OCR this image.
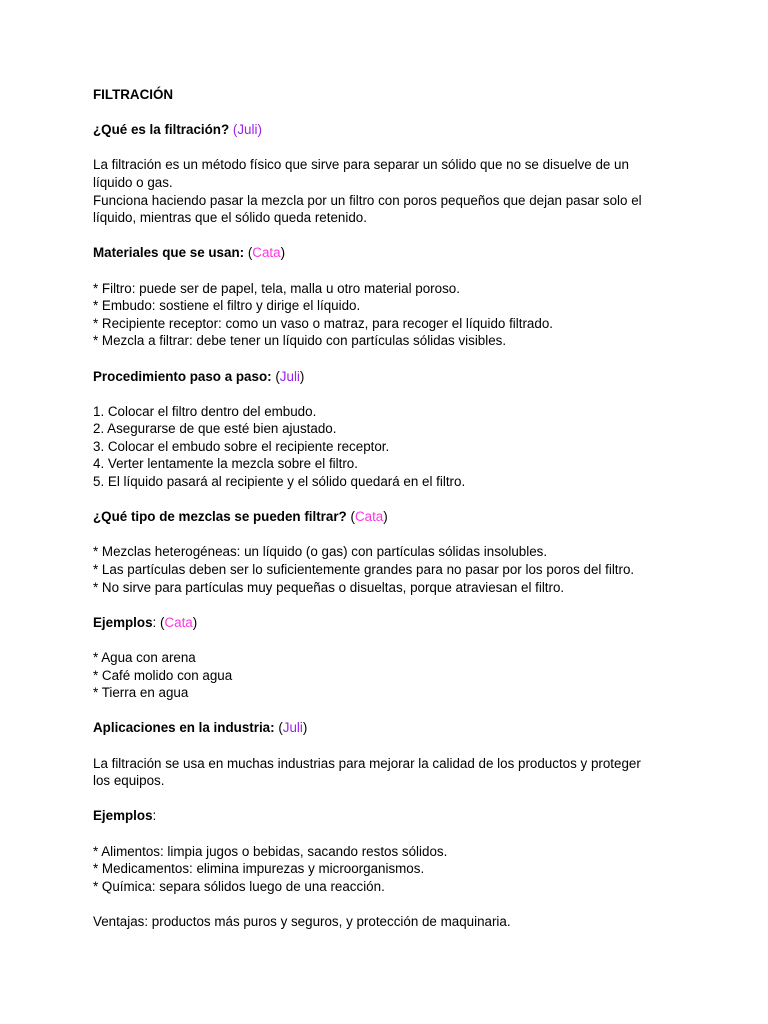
FILTRACIÓN

¿Qué es la filtración? (Juli)

La filtración es un método físico que sirve para separar un sólido que no se disuelve de un

líquido o gas.

Funciona haciendo pasar la mezcla por un filtro con poros pequeños que dejan pasar solo el

líquido, mientras que el sólido queda retenido.

Materiales que se usan: (Cata)

* Filtro: puede ser de papel, tela, malla u otro material poroso.

* Embudo: sostiene el filtro y dirige el líquido.

* Recipiente receptor: como un vaso o matraz, para recoger el líquido filtrado.

* Mezcla a filtrar: debe tener un líquido con partículas sólidas visibles.

Procedimiento paso a paso: (Juli)

1. Colocar el filtro dentro del embudo.

2. Asegurarse de que esté bien ajustado.

3. Colocar el embudo sobre el recipiente receptor.

4. Verter lentamente la mezcla sobre el filtro.

5. El líquido pasará al recipiente y el sólido quedará en el filtro.

¿Qué tipo de mezclas se pueden filtrar? (Cata)

* Mezclas heterogéneas: un líquido (o gas) con partículas sólidas insolubles.

* Las partículas deben ser lo suficientemente grandes para no pasar por los poros del filtro.

* No sirve para partículas muy pequeñas o disueltas, porque atraviesan el filtro.

Ejemplos: (Cata)

* Agua con arena

* Café molido con agua

* Tierra en agua

Aplicaciones en la industria: (Juli)

La filtración se usa en muchas industrias para mejorar la calidad de los productos y proteger

los equipos.

Ejemplos:

* Alimentos: limpia jugos o bebidas, sacando restos sólidos.

* Medicamentos: elimina impurezas y microorganismos.

* Química: separa sólidos luego de una reacción.

Ventajas: productos más puros y seguros, y protección de maquinaria.
